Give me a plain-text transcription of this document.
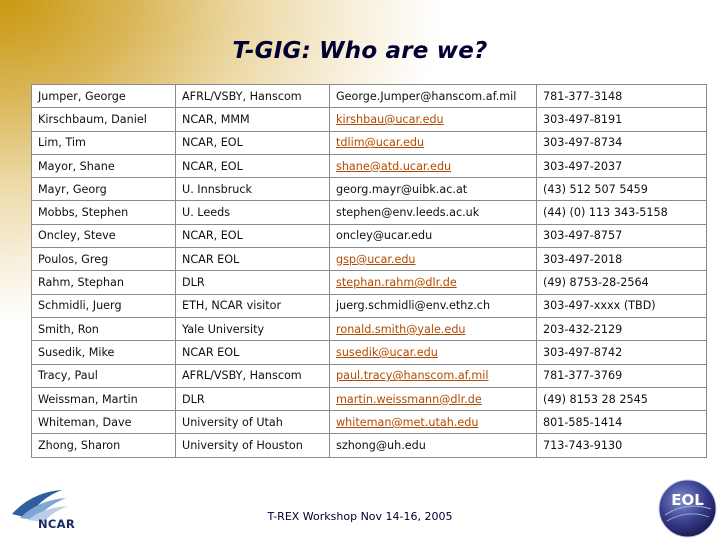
T-GIG: Who are we?
Jumper, George	AFRL/VSBY, Hanscom	George.Jumper@hanscom.af.mil	781-377-3148
Kirschbaum, Daniel	NCAR, MMM	kirshbau@ucar.edu	303-497-8191
Lim, Tim	NCAR, EOL	tdlim@ucar.edu	303-497-8734
Mayor, Shane	NCAR, EOL	shane@atd.ucar.edu	303-497-2037
Mayr, Georg	U. Innsbruck	georg.mayr@uibk.ac.at	(43) 512 507 5459
Mobbs, Stephen	U. Leeds	stephen@env.leeds.ac.uk	(44) (0) 113 343-5158
Oncley, Steve	NCAR, EOL	oncley@ucar.edu	303-497-8757
Poulos, Greg	NCAR EOL	gsp@ucar.edu	303-497-2018
Rahm, Stephan	DLR	stephan.rahm@dlr.de	(49) 8753-28-2564
Schmidli, Juerg	ETH, NCAR visitor	juerg.schmidli@env.ethz.ch	303-497-xxxx (TBD)
Smith, Ron	Yale University	ronald.smith@yale.edu	203-432-2129
Susedik, Mike	NCAR EOL	susedik@ucar.edu	303-497-8742
Tracy, Paul	AFRL/VSBY, Hanscom	paul.tracy@hanscom.af.mil	781-377-3769
Weissman, Martin	DLR	martin.weissmann@dlr.de	(49) 8153 28 2545
Whiteman, Dave	University of Utah	whiteman@met.utah.edu	801-585-1414
Zhong, Sharon	University of Houston	szhong@uh.edu	713-743-9130
NCAR
T-REX Workshop Nov 14-16, 2005
EOL
